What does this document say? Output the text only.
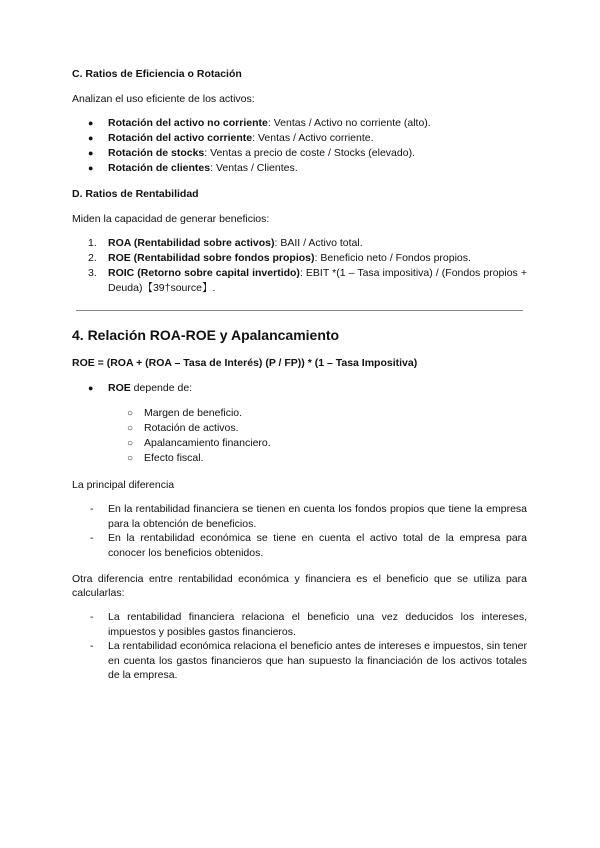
C. Ratios de Eficiencia o Rotación
Analizan el uso eficiente de los activos:
● Rotación del activo no corriente: Ventas / Activo no corriente (alto).
● Rotación del activo corriente: Ventas / Activo corriente.
● Rotación de stocks: Ventas a precio de coste / Stocks (elevado).
● Rotación de clientes: Ventas / Clientes.
D. Ratios de Rentabilidad
Miden la capacidad de generar beneficios:
1. ROA (Rentabilidad sobre activos): BAII / Activo total.
2. ROE (Rentabilidad sobre fondos propios): Beneficio neto / Fondos propios.
3. ROIC (Retorno sobre capital invertido): EBIT *(1 – Tasa impositiva) / (Fondos propios + Deuda)【39†source】.
4. Relación ROA-ROE y Apalancamiento
ROE = (ROA + (ROA – Tasa de Interés) (P / FP)) * (1 – Tasa Impositiva)
● ROE depende de:
○ Margen de beneficio.
○ Rotación de activos.
○ Apalancamiento financiero.
○ Efecto fiscal.
La principal diferencia
- En la rentabilidad financiera se tienen en cuenta los fondos propios que tiene la empresa para la obtención de beneficios.
- En la rentabilidad económica se tiene en cuenta el activo total de la empresa para conocer los beneficios obtenidos.
Otra diferencia entre rentabilidad económica y financiera es el beneficio que se utiliza para calcularlas:
- La rentabilidad financiera relaciona el beneficio una vez deducidos los intereses, impuestos y posibles gastos financieros.
- La rentabilidad económica relaciona el beneficio antes de intereses e impuestos, sin tener en cuenta los gastos financieros que han supuesto la financiación de los activos totales de la empresa.
